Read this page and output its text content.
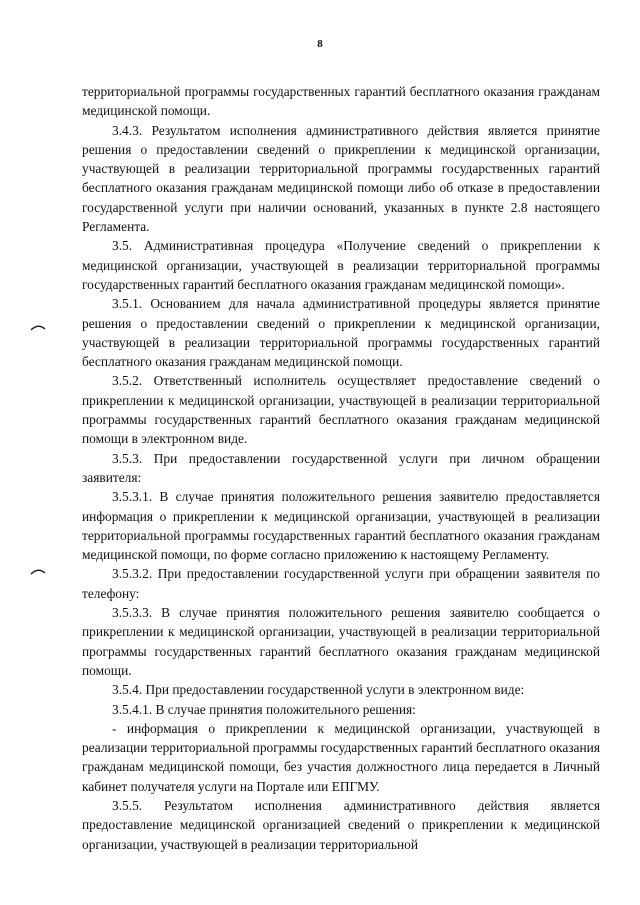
8

территориальной программы государственных гарантий бесплатного оказания гражданам медицинской помощи.

3.4.3. Результатом исполнения административного действия является принятие решения о предоставлении сведений о прикреплении к медицинской организации, участвующей в реализации территориальной программы государственных гарантий бесплатного оказания гражданам медицинской помощи либо об отказе в предоставлении государственной услуги при наличии оснований, указанных в пункте 2.8 настоящего Регламента.

3.5. Административная процедура «Получение сведений о прикреплении к медицинской организации, участвующей в реализации территориальной программы государственных гарантий бесплатного оказания гражданам медицинской помощи».

3.5.1. Основанием для начала административной процедуры является принятие решения о предоставлении сведений о прикреплении к медицинской организации, участвующей в реализации территориальной программы государственных гарантий бесплатного оказания гражданам медицинской помощи.

3.5.2. Ответственный исполнитель осуществляет предоставление сведений о прикреплении к медицинской организации, участвующей в реализации территориальной программы государственных гарантий бесплатного оказания гражданам медицинской помощи в электронном виде.

3.5.3. При предоставлении государственной услуги при личном обращении заявителя:

3.5.3.1. В случае принятия положительного решения заявителю предоставляется информация о прикреплении к медицинской организации, участвующей в реализации территориальной программы государственных гарантий бесплатного оказания гражданам медицинской помощи, по форме согласно приложению к настоящему Регламенту.

3.5.3.2. При предоставлении государственной услуги при обращении заявителя по телефону:

3.5.3.3. В случае принятия положительного решения заявителю сообщается о прикреплении к медицинской организации, участвующей в реализации территориальной программы государственных гарантий бесплатного оказания гражданам медицинской помощи.

3.5.4. При предоставлении государственной услуги в электронном виде:

3.5.4.1. В случае принятия положительного решения:

- информация о прикреплении к медицинской организации, участвующей в реализации территориальной программы государственных гарантий бесплатного оказания гражданам медицинской помощи, без участия должностного лица передается в Личный кабинет получателя услуги на Портале или ЕПГМУ.

3.5.5. Результатом исполнения административного действия является предоставление медицинской организацией сведений о прикреплении к медицинской организации, участвующей в реализации территориальной
